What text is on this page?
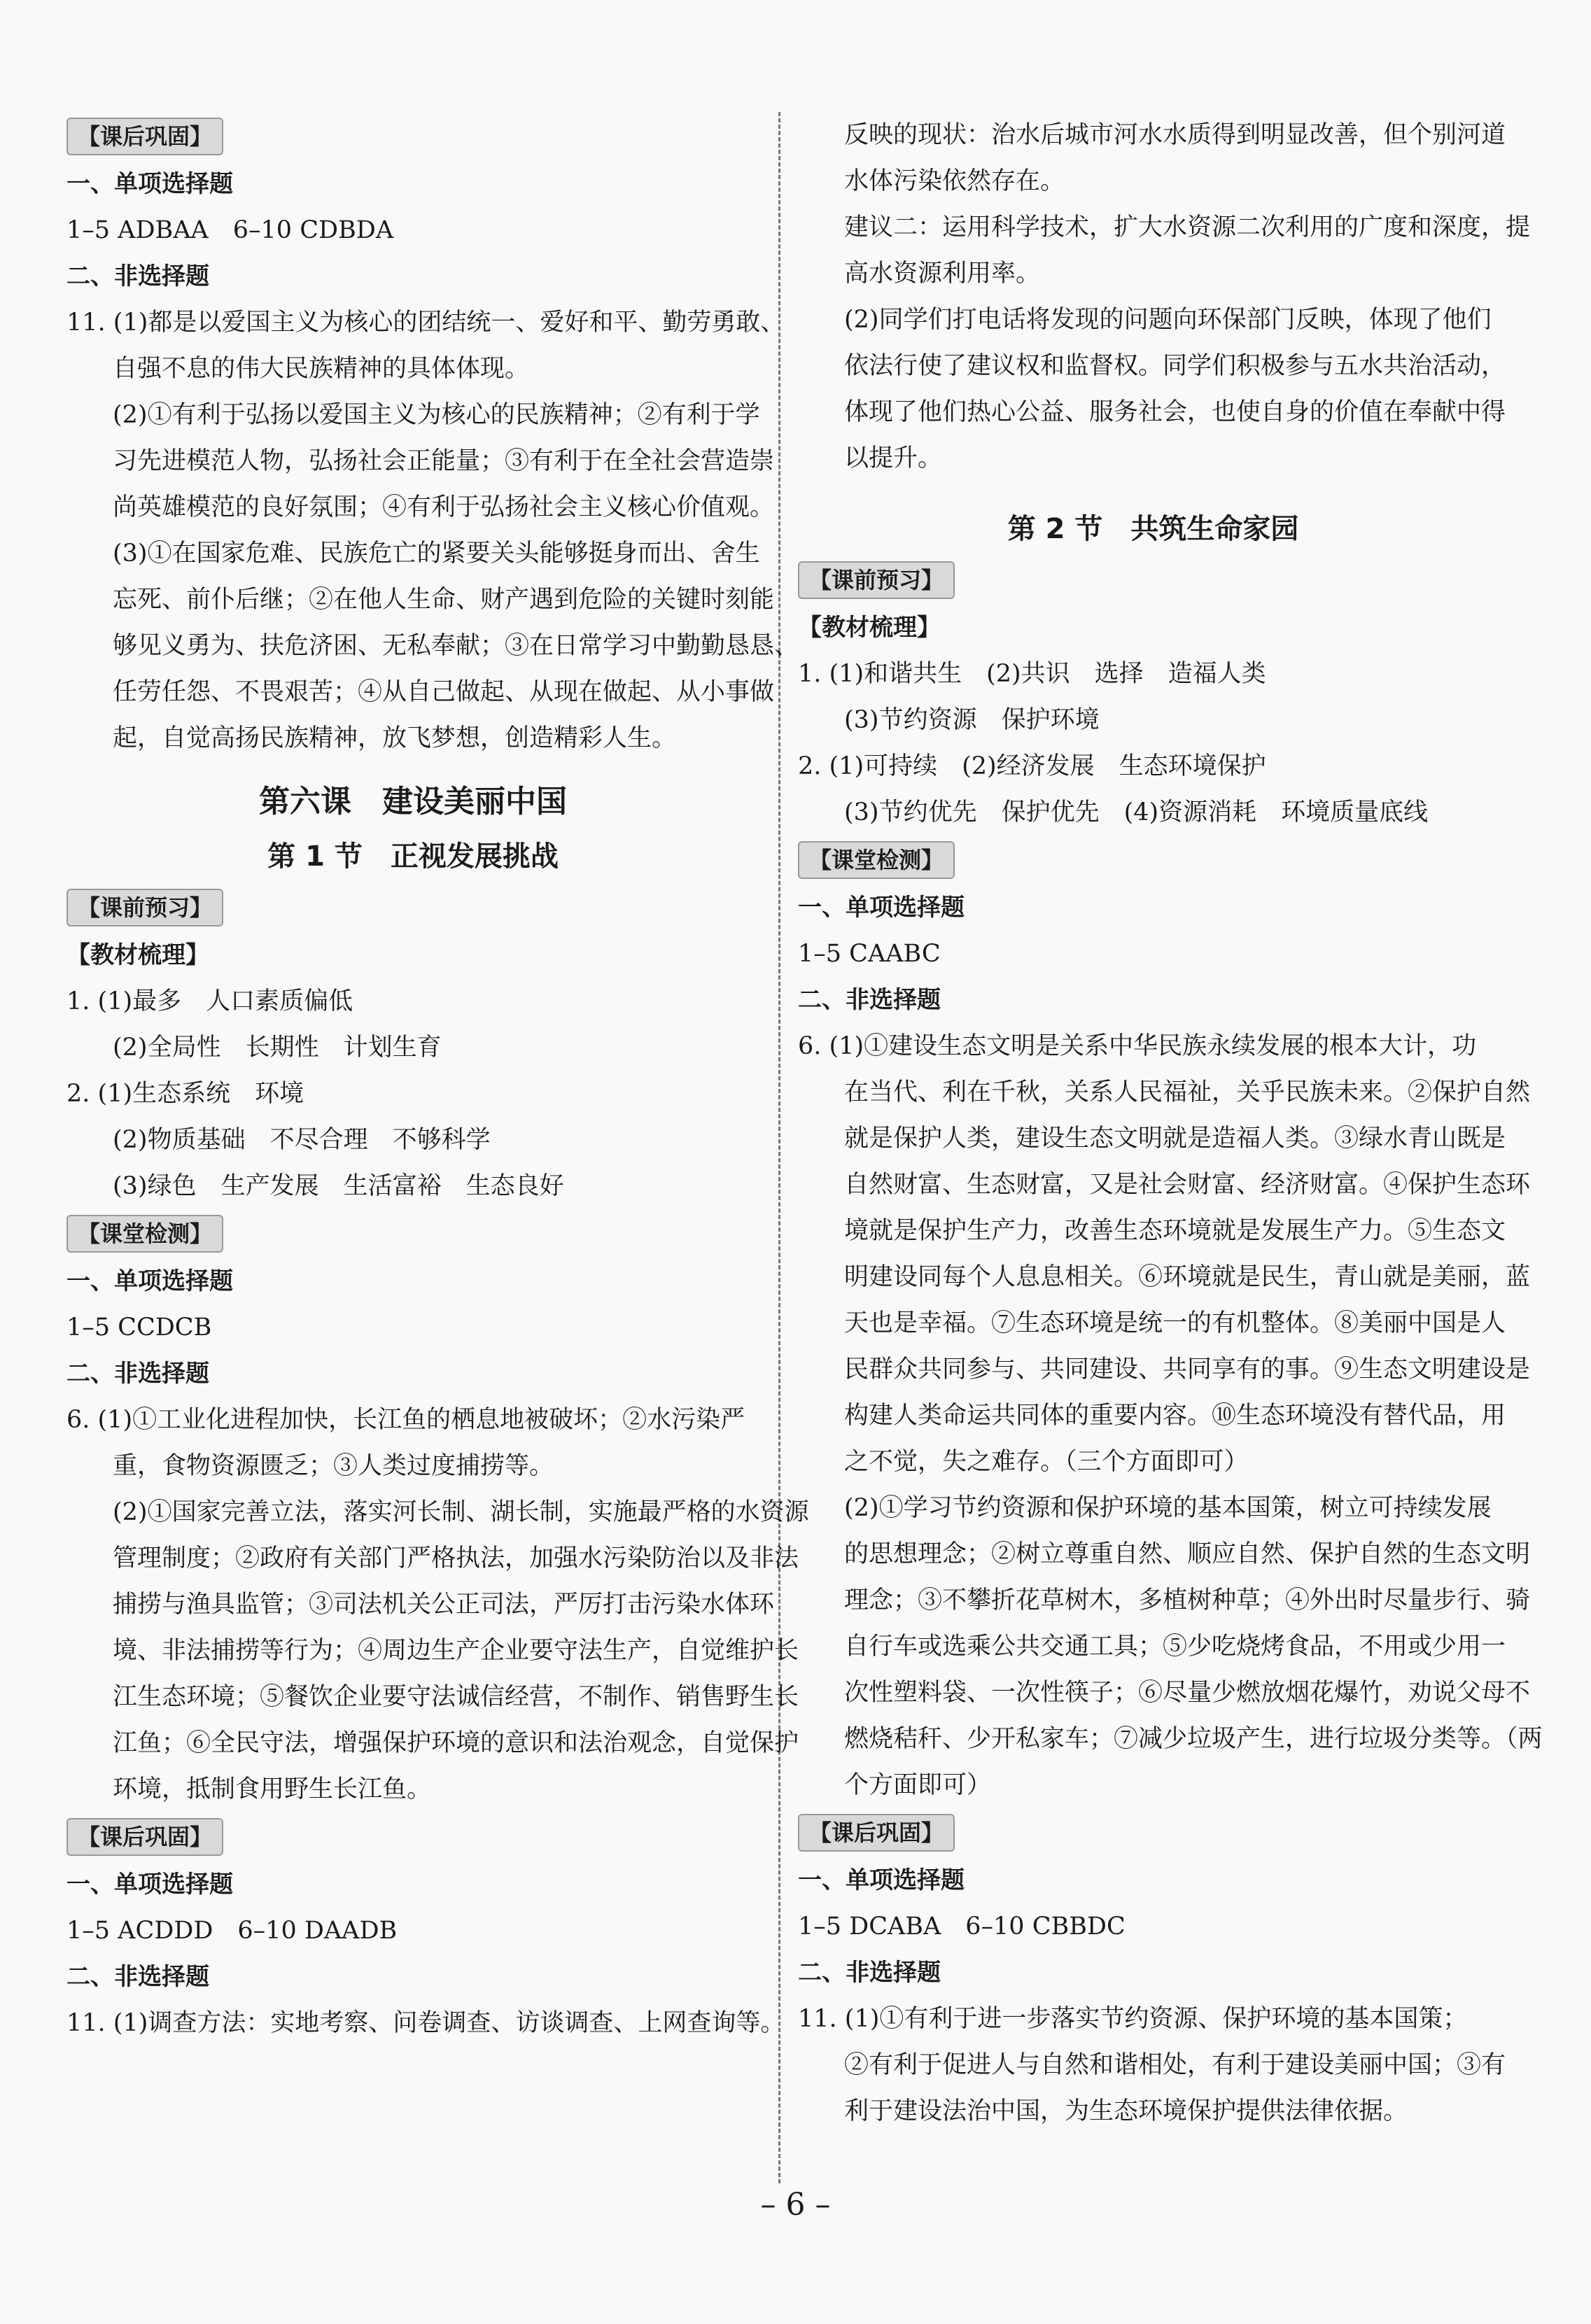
【课后巩固】
一、单项选择题
1–5 ADBAA　6–10 CDBDA
二、非选择题
11. (1)都是以爱国主义为核心的团结统一、爱好和平、勤劳勇敢、
自强不息的伟大民族精神的具体体现。
(2)①有利于弘扬以爱国主义为核心的民族精神；②有利于学
习先进模范人物，弘扬社会正能量；③有利于在全社会营造崇
尚英雄模范的良好氛围；④有利于弘扬社会主义核心价值观。
(3)①在国家危难、民族危亡的紧要关头能够挺身而出、舍生
忘死、前仆后继；②在他人生命、财产遇到危险的关键时刻能
够见义勇为、扶危济困、无私奉献；③在日常学习中勤勤恳恳、
任劳任怨、不畏艰苦；④从自己做起、从现在做起、从小事做
起，自觉高扬民族精神，放飞梦想，创造精彩人生。
第六课　建设美丽中国
第 1 节　正视发展挑战
【课前预习】
【教材梳理】
1. (1)最多　人口素质偏低
(2)全局性　长期性　计划生育
2. (1)生态系统　环境
(2)物质基础　不尽合理　不够科学
(3)绿色　生产发展　生活富裕　生态良好
【课堂检测】
一、单项选择题
1–5 CCDCB
二、非选择题
6. (1)①工业化进程加快，长江鱼的栖息地被破坏；②水污染严
重，食物资源匮乏；③人类过度捕捞等。
(2)①国家完善立法，落实河长制、湖长制，实施最严格的水资源
管理制度；②政府有关部门严格执法，加强水污染防治以及非法
捕捞与渔具监管；③司法机关公正司法，严厉打击污染水体环
境、非法捕捞等行为；④周边生产企业要守法生产，自觉维护长
江生态环境；⑤餐饮企业要守法诚信经营，不制作、销售野生长
江鱼；⑥全民守法，增强保护环境的意识和法治观念，自觉保护
环境，抵制食用野生长江鱼。
【课后巩固】
一、单项选择题
1–5 ACDDD　6–10 DAADB
二、非选择题
11. (1)调查方法：实地考察、问卷调查、访谈调查、上网查询等。
反映的现状：治水后城市河水水质得到明显改善，但个别河道
水体污染依然存在。
建议二：运用科学技术，扩大水资源二次利用的广度和深度，提
高水资源利用率。
(2)同学们打电话将发现的问题向环保部门反映，体现了他们
依法行使了建议权和监督权。同学们积极参与五水共治活动，
体现了他们热心公益、服务社会，也使自身的价值在奉献中得
以提升。
第 2 节　共筑生命家园
【课前预习】
【教材梳理】
1. (1)和谐共生　(2)共识　选择　造福人类
(3)节约资源　保护环境
2. (1)可持续　(2)经济发展　生态环境保护
(3)节约优先　保护优先　(4)资源消耗　环境质量底线
【课堂检测】
一、单项选择题
1–5 CAABC
二、非选择题
6. (1)①建设生态文明是关系中华民族永续发展的根本大计，功
在当代、利在千秋，关系人民福祉，关乎民族未来。②保护自然
就是保护人类，建设生态文明就是造福人类。③绿水青山既是
自然财富、生态财富，又是社会财富、经济财富。④保护生态环
境就是保护生产力，改善生态环境就是发展生产力。⑤生态文
明建设同每个人息息相关。⑥环境就是民生，青山就是美丽，蓝
天也是幸福。⑦生态环境是统一的有机整体。⑧美丽中国是人
民群众共同参与、共同建设、共同享有的事。⑨生态文明建设是
构建人类命运共同体的重要内容。⑩生态环境没有替代品，用
之不觉，失之难存。（三个方面即可）
(2)①学习节约资源和保护环境的基本国策，树立可持续发展
的思想理念；②树立尊重自然、顺应自然、保护自然的生态文明
理念；③不攀折花草树木，多植树种草；④外出时尽量步行、骑
自行车或选乘公共交通工具；⑤少吃烧烤食品，不用或少用一
次性塑料袋、一次性筷子；⑥尽量少燃放烟花爆竹，劝说父母不
燃烧秸秆、少开私家车；⑦减少垃圾产生，进行垃圾分类等。（两
个方面即可）
【课后巩固】
一、单项选择题
1–5 DCABA　6–10 CBBDC
二、非选择题
11. (1)①有利于进一步落实节约资源、保护环境的基本国策；
②有利于促进人与自然和谐相处，有利于建设美丽中国；③有
利于建设法治中国，为生态环境保护提供法律依据。
– 6 –
